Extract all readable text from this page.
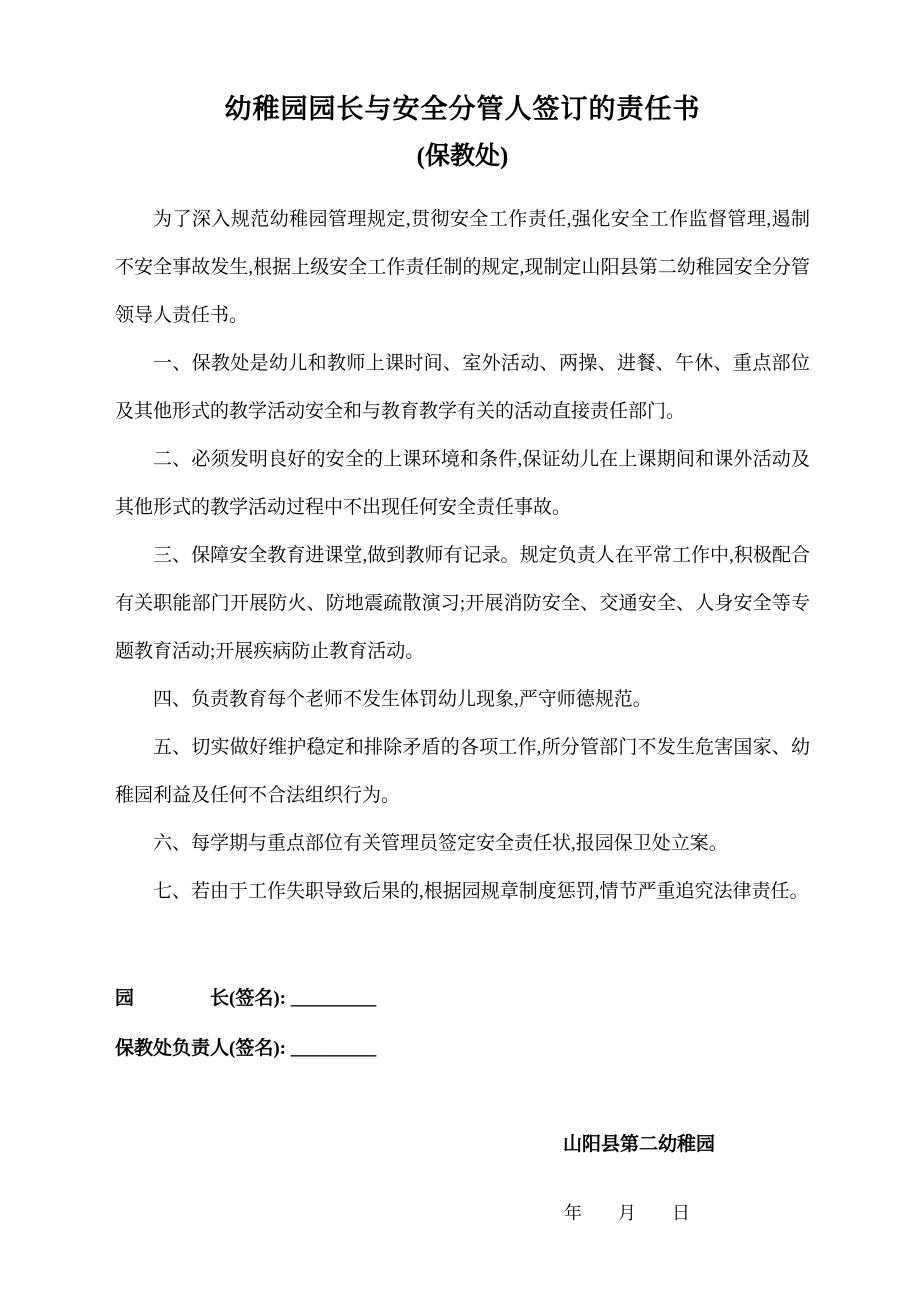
幼稚园园长与安全分管人签订的责任书
(保教处)

为了深入规范幼稚园管理规定,贯彻安全工作责任,强化安全工作监督管理,遏制不安全事故发生,根据上级安全工作责任制的规定,现制定山阳县第二幼稚园安全分管领导人责任书。

一、保教处是幼儿和教师上课时间、室外活动、两操、进餐、午休、重点部位及其他形式的教学活动安全和与教育教学有关的活动直接责任部门。

二、必须发明良好的安全的上课环境和条件,保证幼儿在上课期间和课外活动及其他形式的教学活动过程中不出现任何安全责任事故。

三、保障安全教育进课堂,做到教师有记录。规定负责人在平常工作中,积极配合有关职能部门开展防火、防地震疏散演习;开展消防安全、交通安全、人身安全等专题教育活动;开展疾病防止教育活动。

四、负责教育每个老师不发生体罚幼儿现象,严守师德规范。

五、切实做好维护稳定和排除矛盾的各项工作,所分管部门不发生危害国家、幼稚园利益及任何不合法组织行为。

六、每学期与重点部位有关管理员签定安全责任状,报园保卫处立案。

七、若由于工作失职导致后果的,根据园规章制度惩罚,情节严重追究法律责任。

园　　　　长(签名): _________
保教处负责人(签名): _________
山阳县第二幼稚园
年　　月　　日
